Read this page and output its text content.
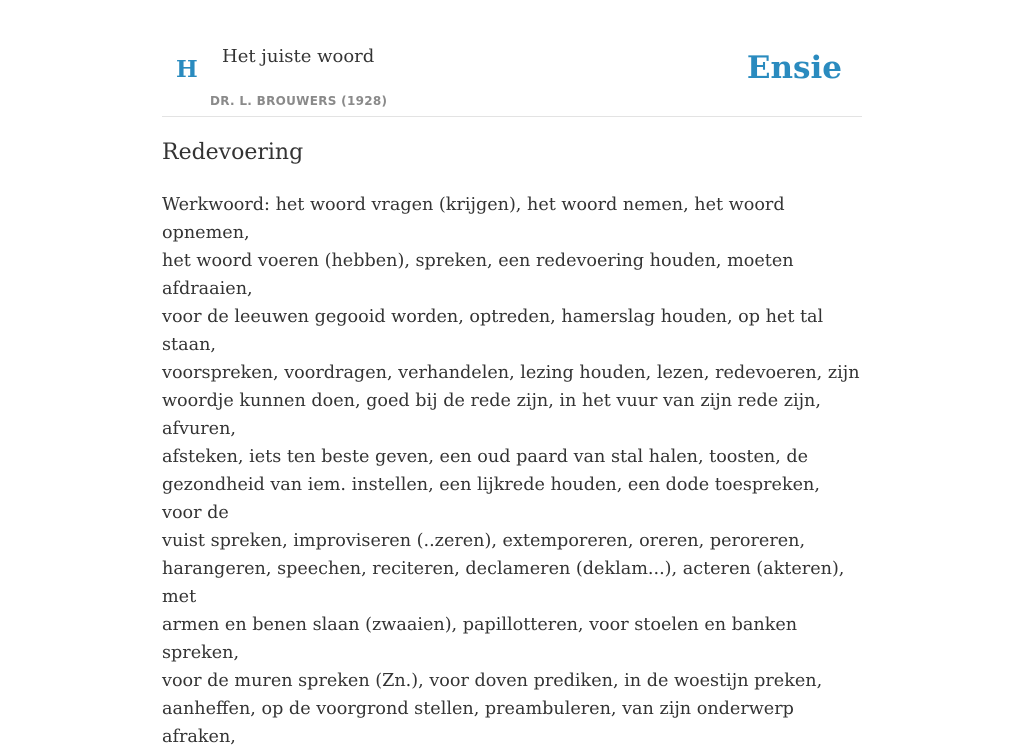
H Het juiste woord
DR. L. BROUWERS (1928)
Ensie
Redevoering
Werkwoord: het woord vragen (krijgen), het woord nemen, het woord opnemen,
het woord voeren (hebben), spreken, een redevoering houden, moeten afdraaien,
voor de leeuwen gegooid worden, optreden, hamerslag houden, op het tal staan,
voorspreken, voordragen, verhandelen, lezing houden, lezen, redevoeren, zijn
woordje kunnen doen, goed bij de rede zijn, in het vuur van zijn rede zijn, afvuren,
afsteken, iets ten beste geven, een oud paard van stal halen, toosten, de
gezondheid van iem. instellen, een lijkrede houden, een dode toespreken, voor de
vuist spreken, improviseren (..zeren), extemporeren, oreren, peroreren,
harangeren, speechen, reciteren, declameren (deklam...), acteren (akteren), met
armen en benen slaan (zwaaien), papillotteren, voor stoelen en banken spreken,
voor de muren spreken (Zn.), voor doven prediken, in de woestijn preken,
aanheffen, op de voorgrond stellen, preambuleren, van zijn onderwerp afraken,
